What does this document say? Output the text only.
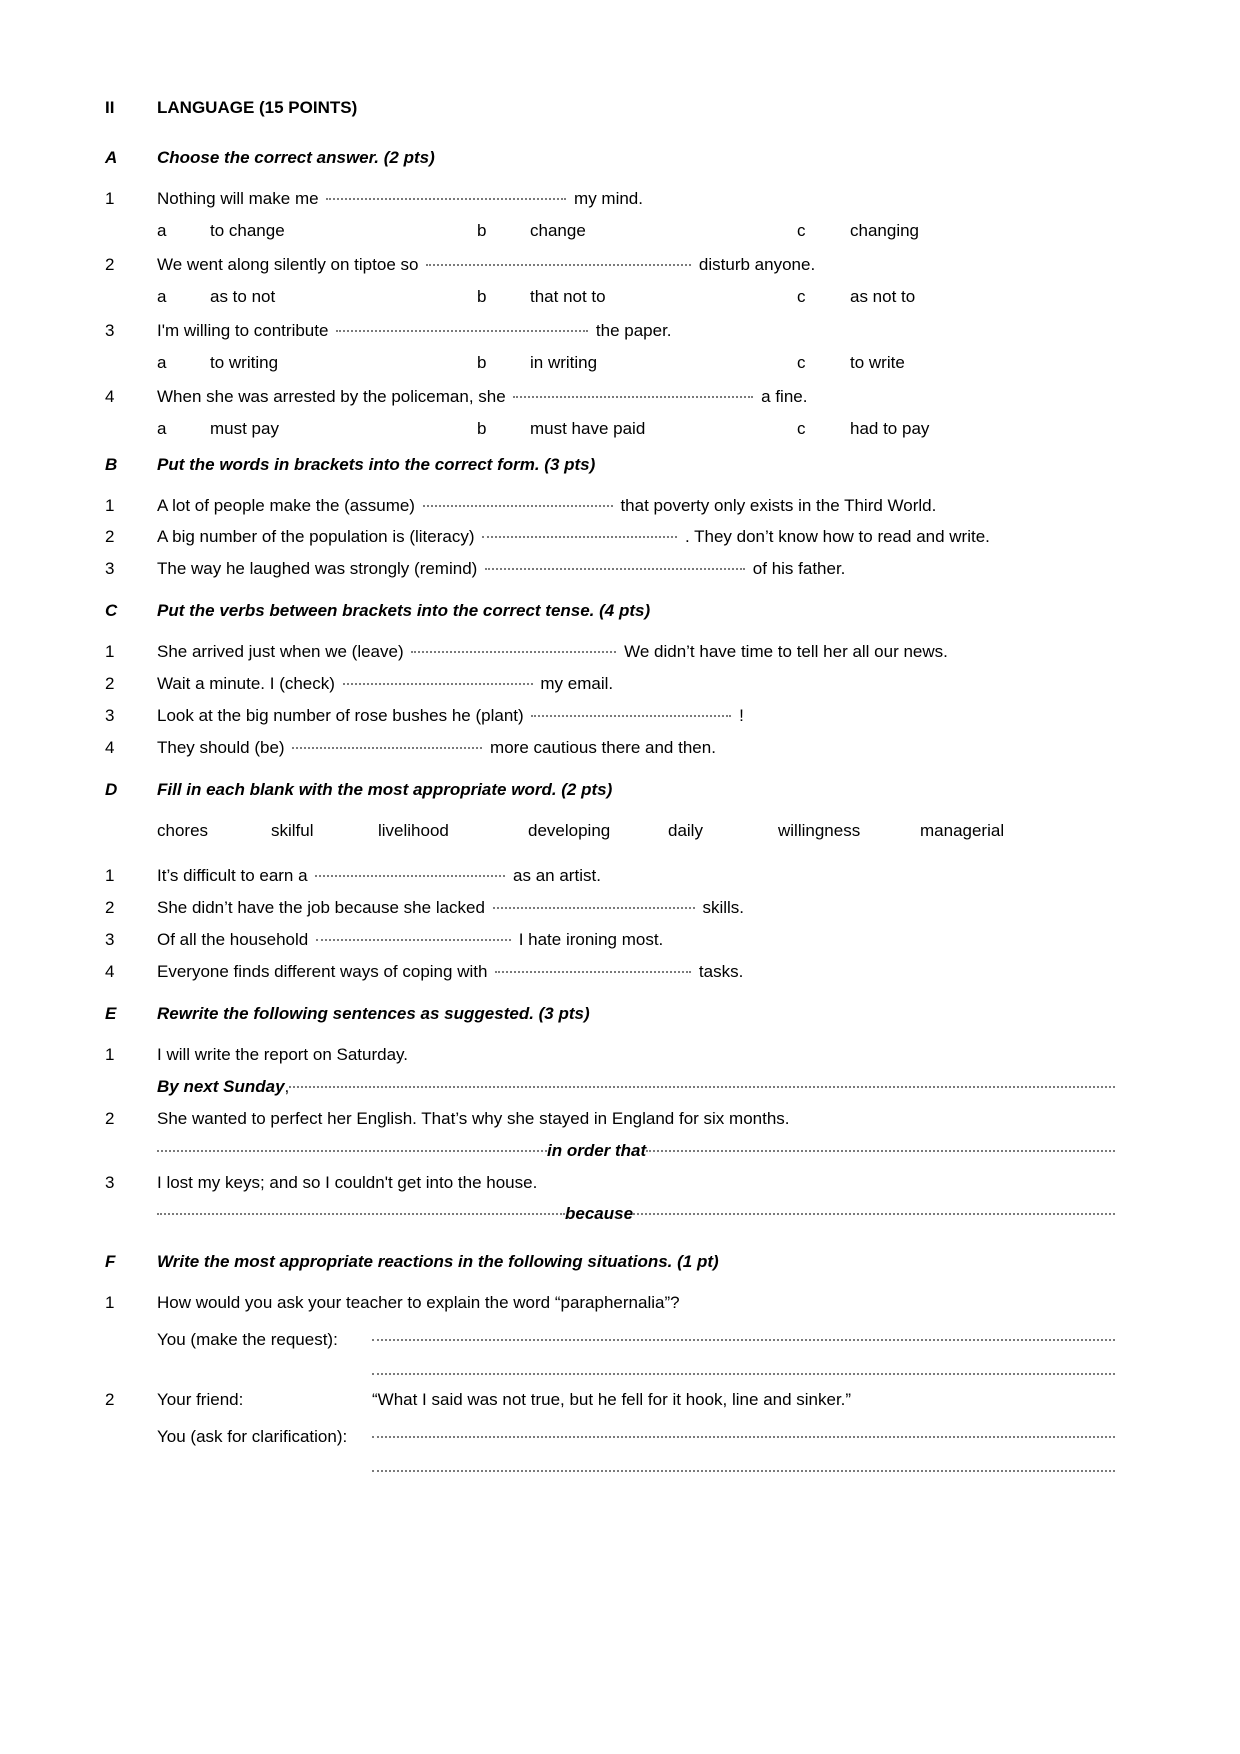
II	LANGUAGE (15 POINTS)
A	Choose the correct answer. (2 pts)
1	Nothing will make me	my mind.
a	to change	b	change	c	changing
2	We went along silently on tiptoe so	disturb anyone.
a	as to not	b	that not to	c	as not to
3	I'm willing to contribute	the paper.
a	to writing	b	in writing	c	to write
4	When she was arrested by the policeman, she	a fine.
a	must pay	b	must have paid	c	had to pay
B	Put the words in brackets into the correct form. (3 pts)
1	A lot of people make the (assume)	that poverty only exists in the Third World.
2	A big number of the population is (literacy)	. They don’t know how to read and write.
3	The way he laughed was strongly (remind)	of his father.
C	Put the verbs between brackets into the correct tense. (4 pts)
1	She arrived just when we (leave)	We didn’t have time to tell her all our news.
2	Wait a minute. I (check)	my email.
3	Look at the big number of rose bushes he (plant)	!
4	They should (be)	more cautious there and then.
D	Fill in each blank with the most appropriate word. (2 pts)
chores	skilful	livelihood	developing	daily	willingness	managerial
1	It’s difficult to earn a	as an artist.
2	She didn’t have the job because she lacked	skills.
3	Of all the household	I hate ironing most.
4	Everyone finds different ways of coping with	tasks.
E	Rewrite the following sentences as suggested. (3 pts)
1	I will write the report on Saturday.
By next Sunday ,
2	She wanted to perfect her English. That’s why she stayed in England for six months.
in order that
3	I lost my keys; and so I couldn't get into the house.
because
F	Write the most appropriate reactions in the following situations. (1 pt)
1	How would you ask your teacher to explain the word “paraphernalia”?
You (make the request):
2	Your friend:	“What I said was not true, but he fell for it hook, line and sinker.”
You (ask for clarification):
